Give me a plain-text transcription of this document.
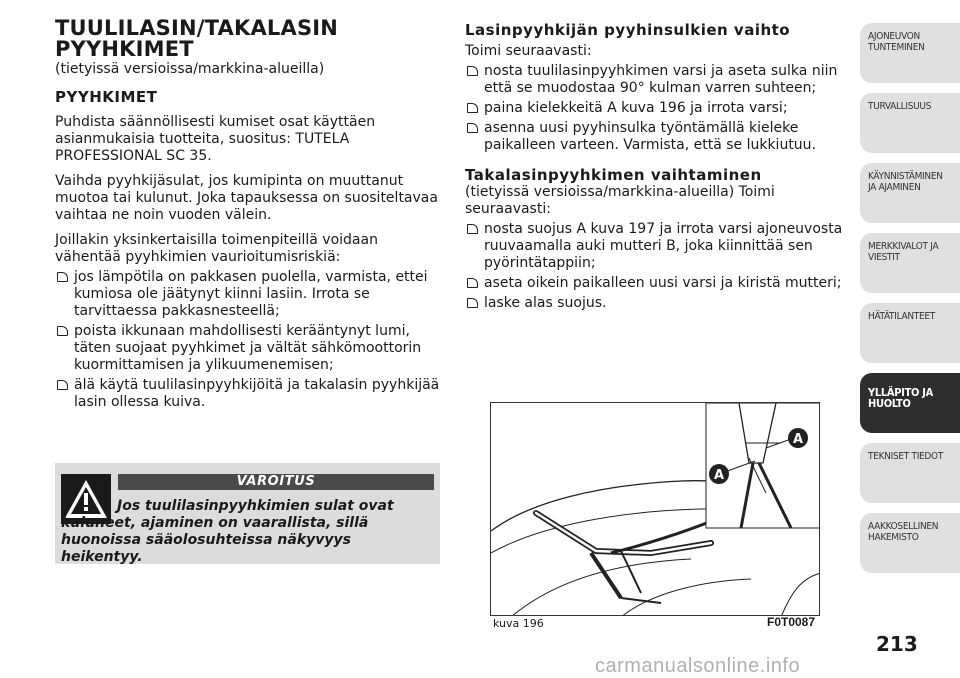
TUULILASIN/TAKALASIN
PYYHKIMET
(tietyissä versioissa/markkina-alueilla)
PYYHKIMET
Puhdista säännöllisesti kumiset osat käyttäen asianmukaisia tuotteita, suositus: TUTELA PROFESSIONAL SC 35.
Vaihda pyyhkijäsulat, jos kumipinta on muuttanut muotoa tai kulunut. Joka tapauksessa on suositeltavaa vaihtaa ne noin vuoden välein.
Joillakin yksinkertaisilla toimenpiteillä voidaan vähentää pyyhkimien vaurioitumisriskiä:
jos lämpötila on pakkasen puolella, varmista, ettei kumiosa ole jäätynyt kiinni lasiin. Irrota se tarvittaessa pakkasnesteellä;
poista ikkunaan mahdollisesti kerääntynyt lumi, täten suojaat pyyhkimet ja vältät sähkömoottorin kuormittamisen ja ylikuumenemisen;
älä käytä tuulilasinpyyhkijöitä ja takalasin pyyhkijää lasin ollessa kuiva.
VAROITUS
Jos tuulilasinpyyhkimien sulat ovat kuluneet, ajaminen on vaarallista, sillä huonoissa sääolosuhteissa näkyvyys heikentyy.
Lasinpyyhkijän pyyhinsulkien vaihto
Toimi seuraavasti:
nosta tuulilasinpyyhkimen varsi ja aseta sulka niin että se muodostaa 90° kulman varren suhteen;
paina kielekkeitä A kuva 196 ja irrota varsi;
asenna uusi pyyhinsulka työntämällä kieleke paikalleen varteen. Varmista, että se lukkiutuu.
Takalasinpyyhkimen vaihtaminen
(tietyissä versioissa/markkina-alueilla) Toimi seuraavasti:
nosta suojus A kuva 197 ja irrota varsi ajoneuvosta ruuvaamalla auki mutteri B, joka kiinnittää sen pyörintätappiin;
aseta oikein paikalleen uusi varsi ja kiristä mutteri;
laske alas suojus.
A
A
kuva 196	F0T0087
AJONEUVON
TUNTEMINEN
TURVALLISUUS
KÄYNNISTÄMINEN
JA AJAMINEN
MERKKIVALOT JA
VIESTIT
HÄTÄTILANTEET
YLLÄPITO JA
HUOLTO
TEKNISET TIEDOT
AAKKOSELLINEN
HAKEMISTO
213
carmanualsonline.info
